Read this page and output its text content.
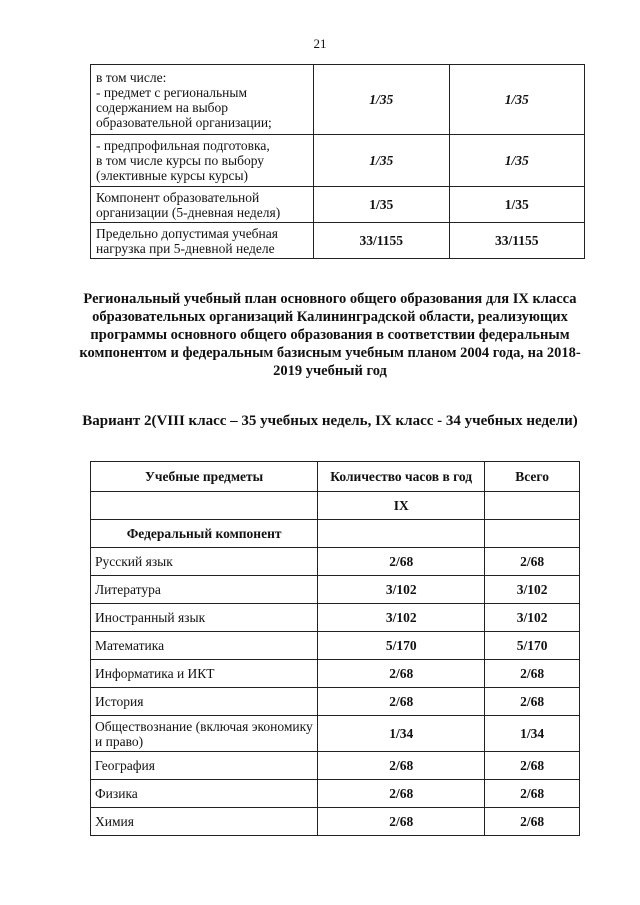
21
в том числе:
- предмет с региональным
содержанием на выбор
образовательной организации;	1/35	1/35

- предпрофильная подготовка,
в том числе курсы по выбору
(элективные курсы курсы)	1/35	1/35

Компонент образовательной
организации (5-дневная неделя)	1/35	1/35

Предельно допустимая учебная
нагрузка при 5-дневной неделе	33/1155	33/1155
Региональный учебный план основного общего образования для IX класса образовательных организаций Калининградской области, реализующих программы основного общего образования в соответствии федеральным компонентом и федеральным базисным учебным планом 2004 года, на 2018-2019 учебный год
Вариант 2(VIII класс – 35 учебных недель, IX класс - 34 учебных недели)
Учебные предметы	Количество часов в год	Всего
	IX	
Федеральный компонент		
Русский язык	2/68	2/68
Литература	3/102	3/102
Иностранный язык	3/102	3/102
Математика	5/170	5/170
Информатика и ИКТ	2/68	2/68
История	2/68	2/68
Обществознание (включая экономику и право)	1/34	1/34
География	2/68	2/68
Физика	2/68	2/68
Химия	2/68	2/68
